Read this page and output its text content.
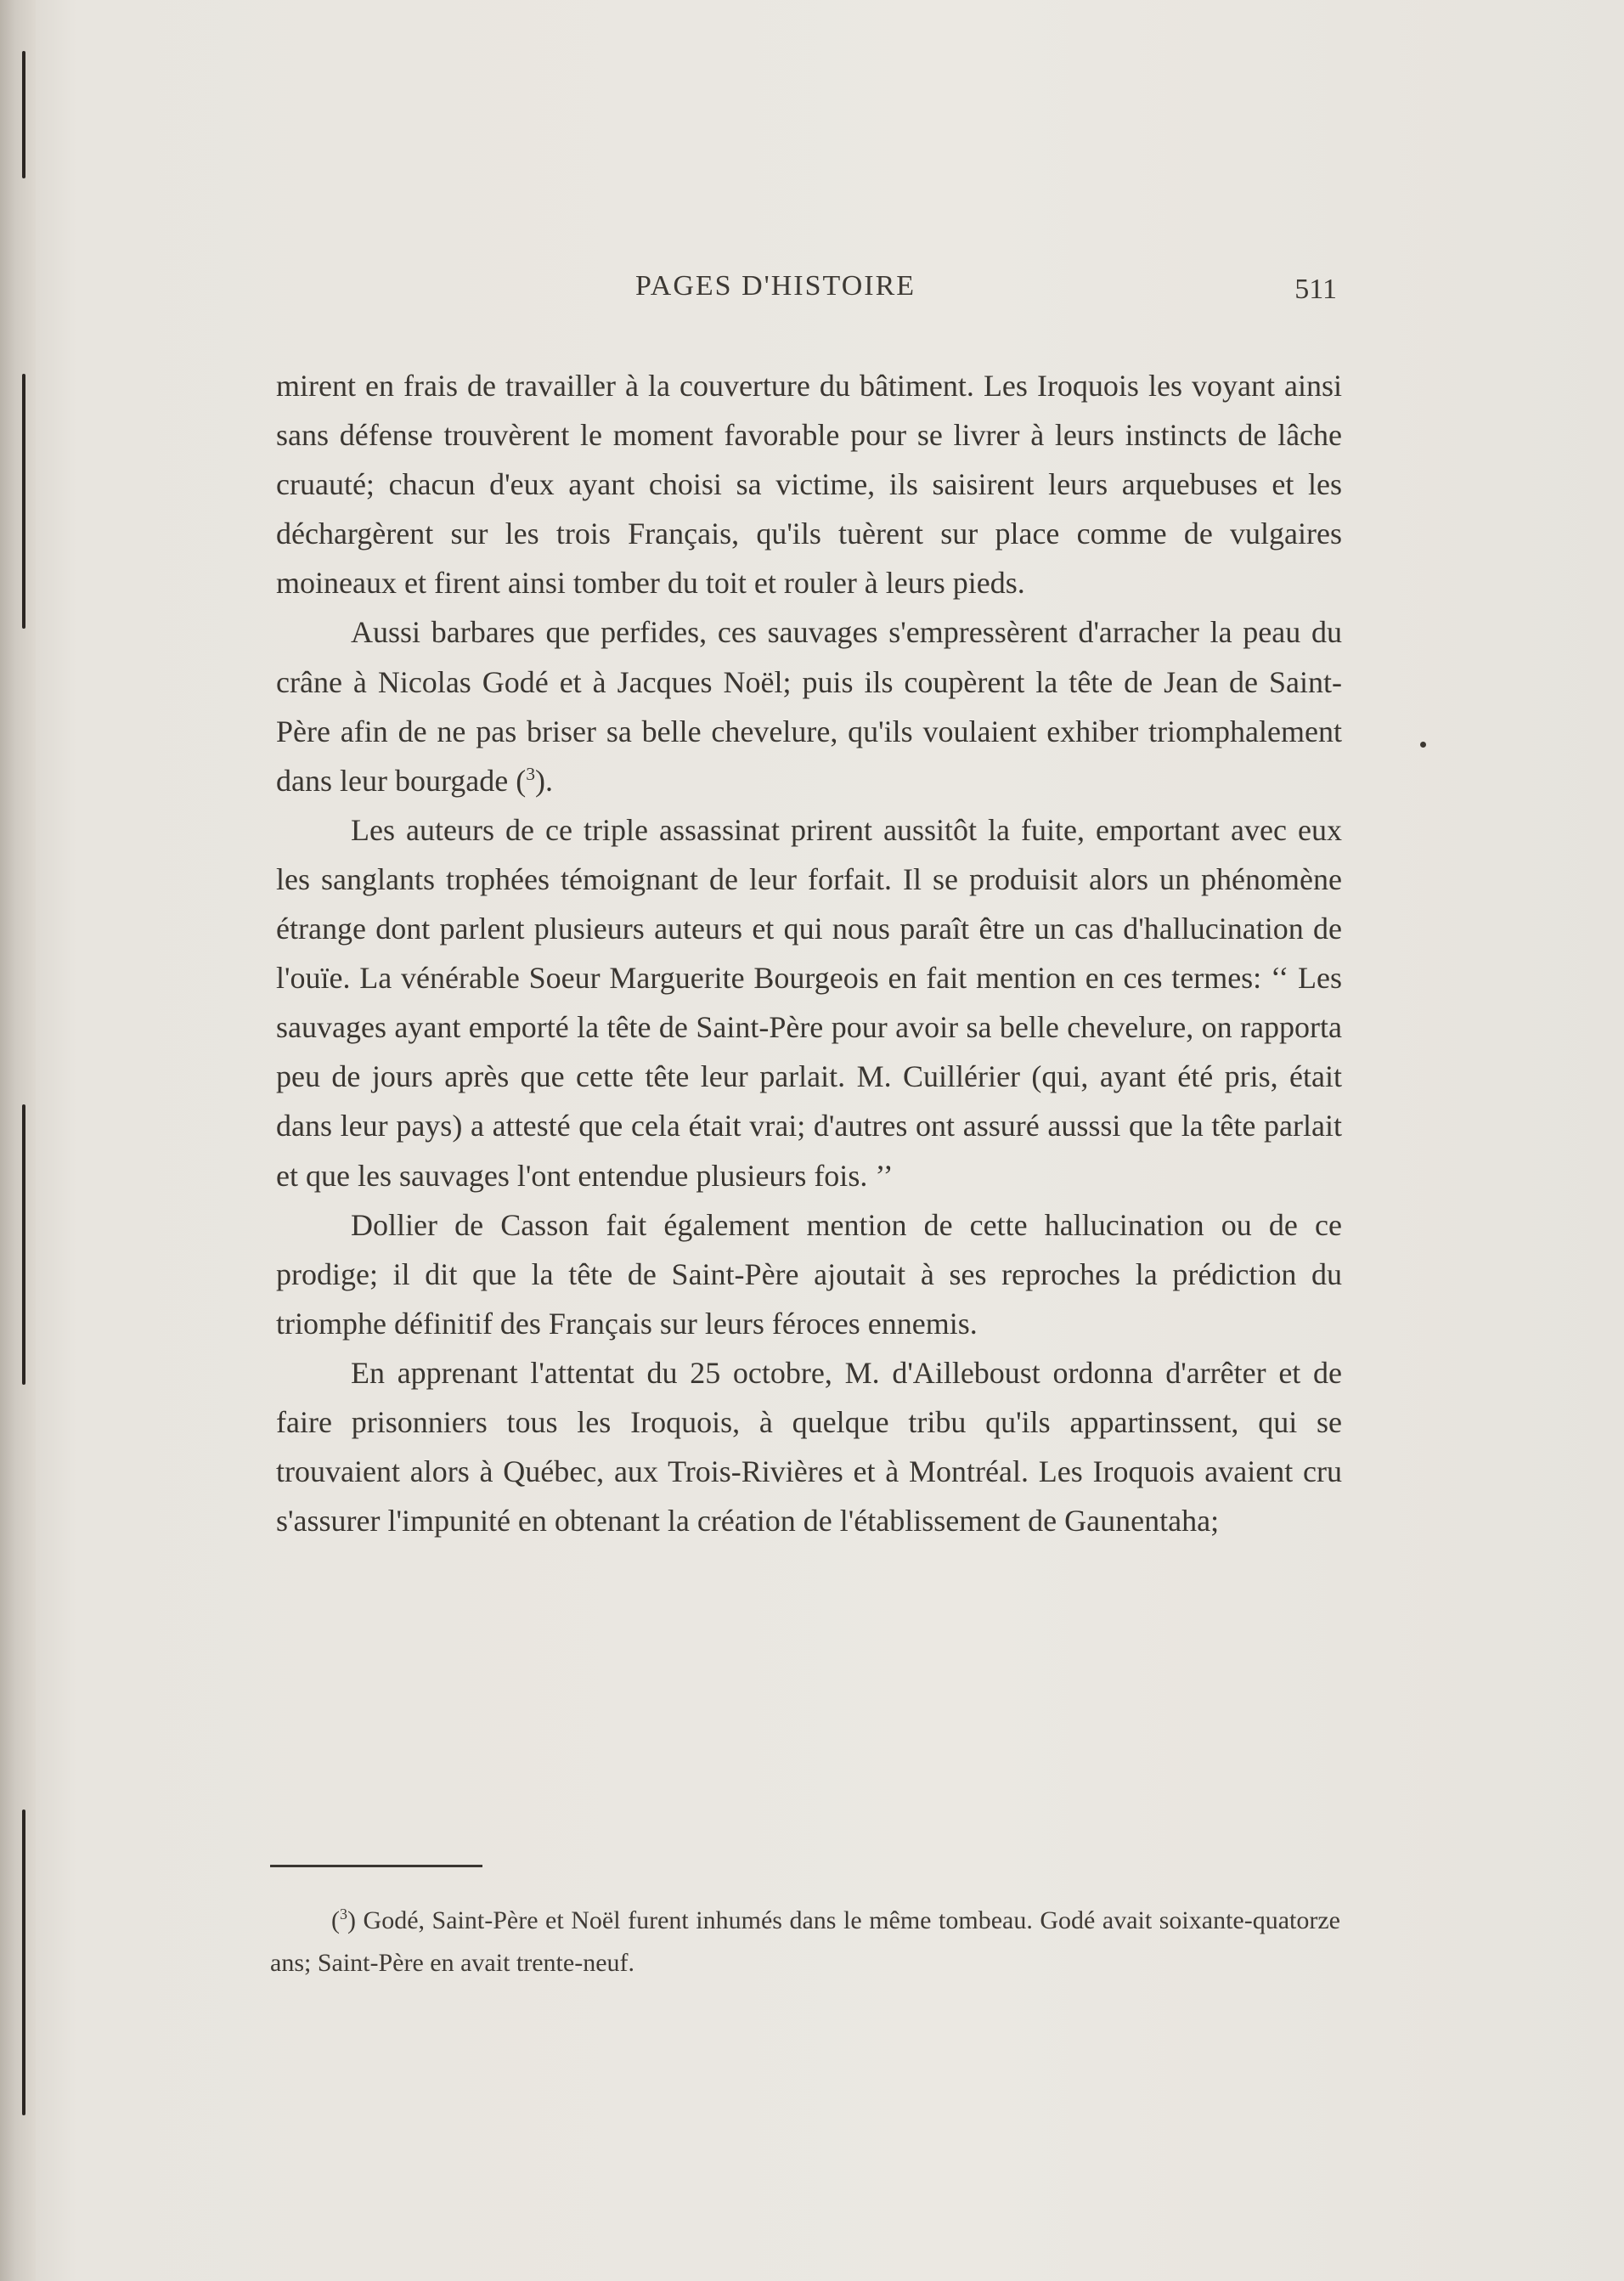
PAGES D'HISTOIRE	511

mirent en frais de travailler à la couverture du bâtiment. Les Iroquois les voyant ainsi sans défense trouvèrent le moment favorable pour se livrer à leurs instincts de lâche cruauté; chacun d'eux ayant choisi sa victime, ils saisirent leurs arquebuses et les déchargèrent sur les trois Français, qu'ils tuèrent sur place comme de vulgaires moineaux et firent ainsi tomber du toit et rouler à leurs pieds.

Aussi barbares que perfides, ces sauvages s'empressèrent d'arracher la peau du crâne à Nicolas Godé et à Jacques Noël; puis ils coupèrent la tête de Jean de Saint-Père afin de ne pas briser sa belle chevelure, qu'ils voulaient exhiber triomphalement dans leur bourgade ($^3$).

Les auteurs de ce triple assassinat prirent aussitôt la fuite, emportant avec eux les sanglants trophées témoignant de leur forfait. Il se produisit alors un phénomène étrange dont parlent plusieurs auteurs et qui nous paraît être un cas d'hallucination de l'ouïe. La vénérable Soeur Marguerite Bourgeois en fait mention en ces termes: ‘‘ Les sauvages ayant emporté la tête de Saint-Père pour avoir sa belle chevelure, on rapporta peu de jours après que cette tête leur parlait. M. Cuillérier (qui, ayant été pris, était dans leur pays) a attesté que cela était vrai; d'autres ont assuré ausssi que la tête parlait et que les sauvages l'ont entendue plusieurs fois. ’’

Dollier de Casson fait également mention de cette hallucination ou de ce prodige; il dit que la tête de Saint-Père ajoutait à ses reproches la prédiction du triomphe définitif des Français sur leurs féroces ennemis.

En apprenant l'attentat du 25 octobre, M. d'Ailleboust ordonna d'arrêter et de faire prisonniers tous les Iroquois, à quelque tribu qu'ils appartinssent, qui se trouvaient alors à Québec, aux Trois-Rivières et à Montréal. Les Iroquois avaient cru s'assurer l'impunité en obtenant la création de l'établissement de Gaunentaha;

($^3$) Godé, Saint-Père et Noël furent inhumés dans le même tombeau. Godé avait soixante-quatorze ans; Saint-Père en avait trente-neuf.
